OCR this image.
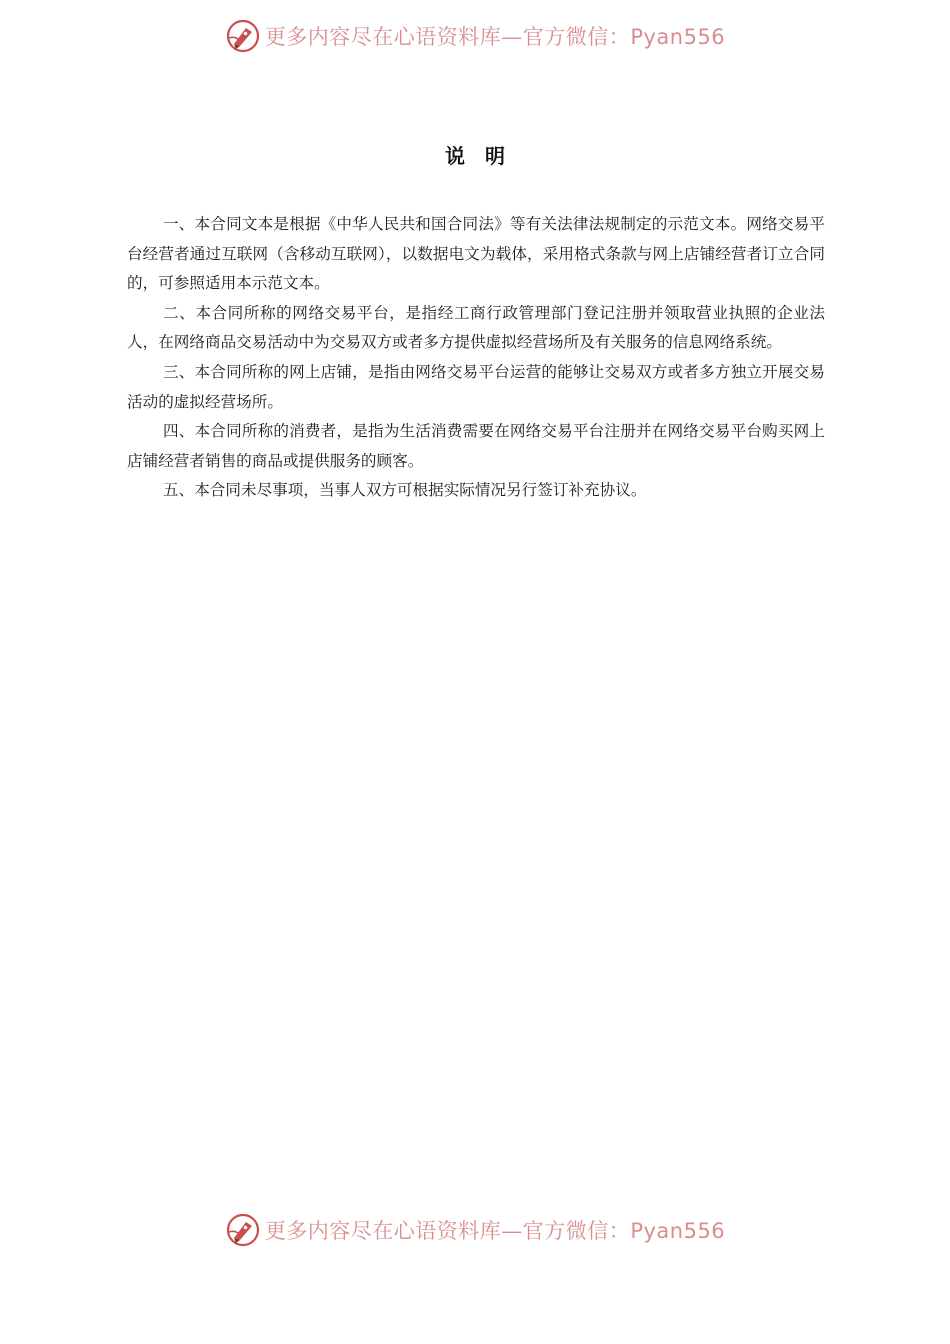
更多内容尽在心语资料库—官方微信：Pyan556
说明

一、本合同文本是根据《中华人民共和国合同法》等有关法律法规制定的示范文本。网络交易平台经营者通过互联网（含移动互联网），以数据电文为载体，采用格式条款与网上店铺经营者订立合同的，可参照适用本示范文本。

二、本合同所称的网络交易平台，是指经工商行政管理部门登记注册并领取营业执照的企业法人，在网络商品交易活动中为交易双方或者多方提供虚拟经营场所及有关服务的信息网络系统。

三、本合同所称的网上店铺，是指由网络交易平台运营的能够让交易双方或者多方独立开展交易活动的虚拟经营场所。

四、本合同所称的消费者，是指为生活消费需要在网络交易平台注册并在网络交易平台购买网上店铺经营者销售的商品或提供服务的顾客。

五、本合同未尽事项，当事人双方可根据实际情况另行签订补充协议。

更多内容尽在心语资料库—官方微信：Pyan556
